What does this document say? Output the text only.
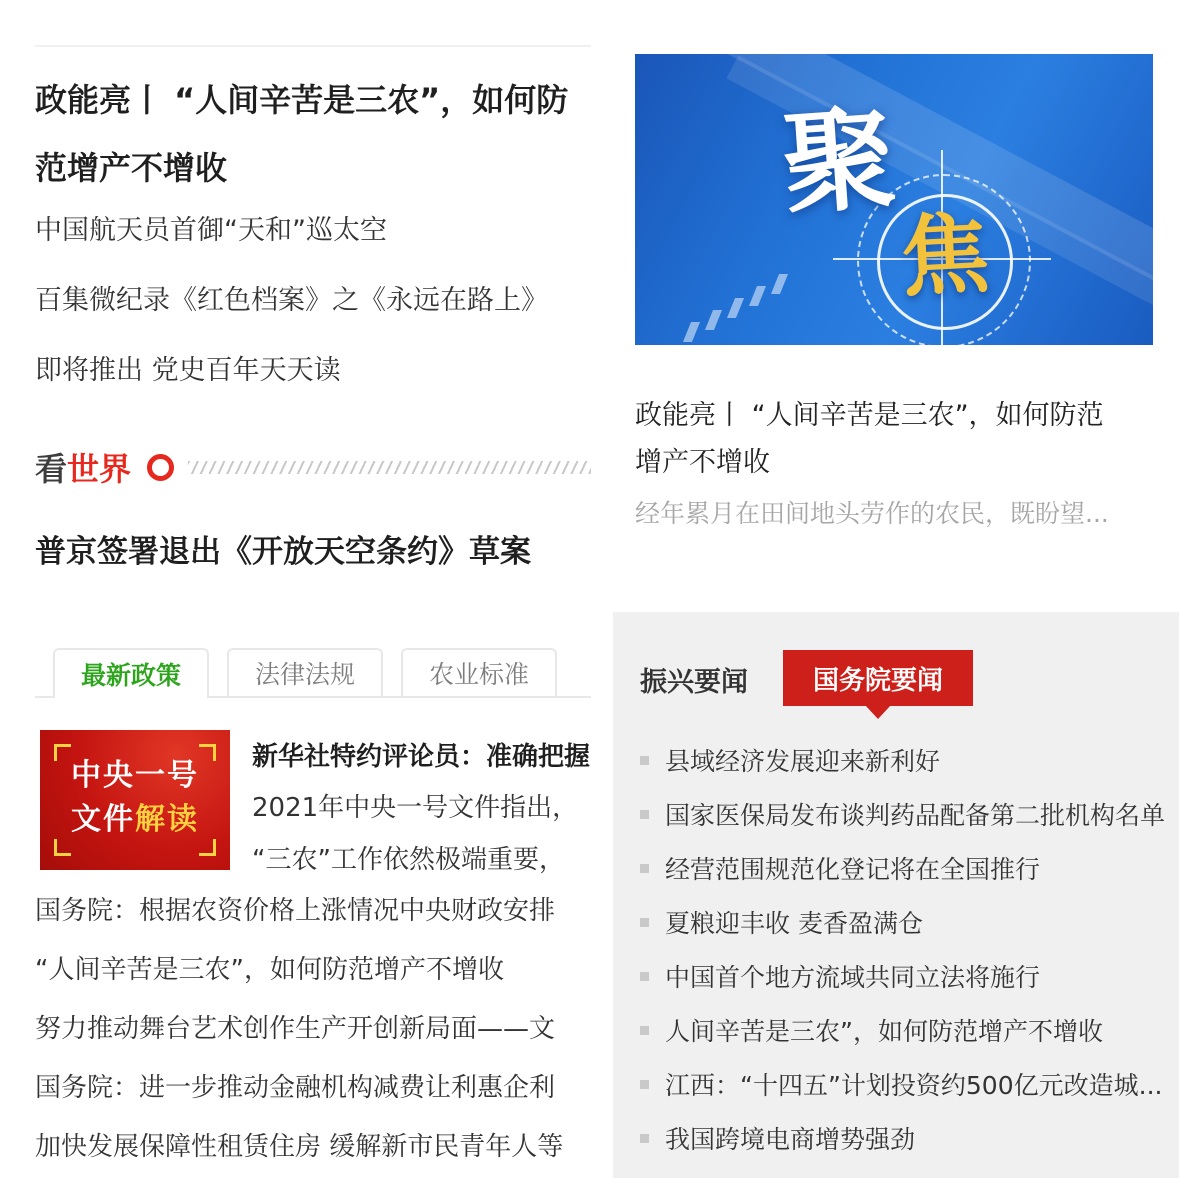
政能亮丨 “人间辛苦是三农”，如何防
范增产不增收
中国航天员首御“天和”巡太空
百集微纪录《红色档案》之《永远在路上》
即将推出 党史百年天天读
看 世界
普京签署退出《开放天空条约》草案
最新政策	法律法规	农业标准
中央一号
文件解读
新华社特约评论员：准确把握
2021年中央一号文件指出，
“三农”工作依然极端重要，
国务院：根据农资价格上涨情况中央财政安排
“人间辛苦是三农”，如何防范增产不增收
努力推动舞台艺术创作生产开创新局面——文
国务院：进一步推动金融机构减费让利惠企利
加快发展保障性租赁住房 缓解新市民青年人等
聚
焦
政能亮丨 “人间辛苦是三农”，如何防范
增产不增收
经年累月在田间地头劳作的农民，既盼望...
振兴要闻	国务院要闻
县域经济发展迎来新利好
国家医保局发布谈判药品配备第二批机构名单
经营范围规范化登记将在全国推行
夏粮迎丰收 麦香盈满仓
中国首个地方流域共同立法将施行
人间辛苦是三农”，如何防范增产不增收
江西：“十四五”计划投资约500亿元改造城...
我国跨境电商增势强劲
